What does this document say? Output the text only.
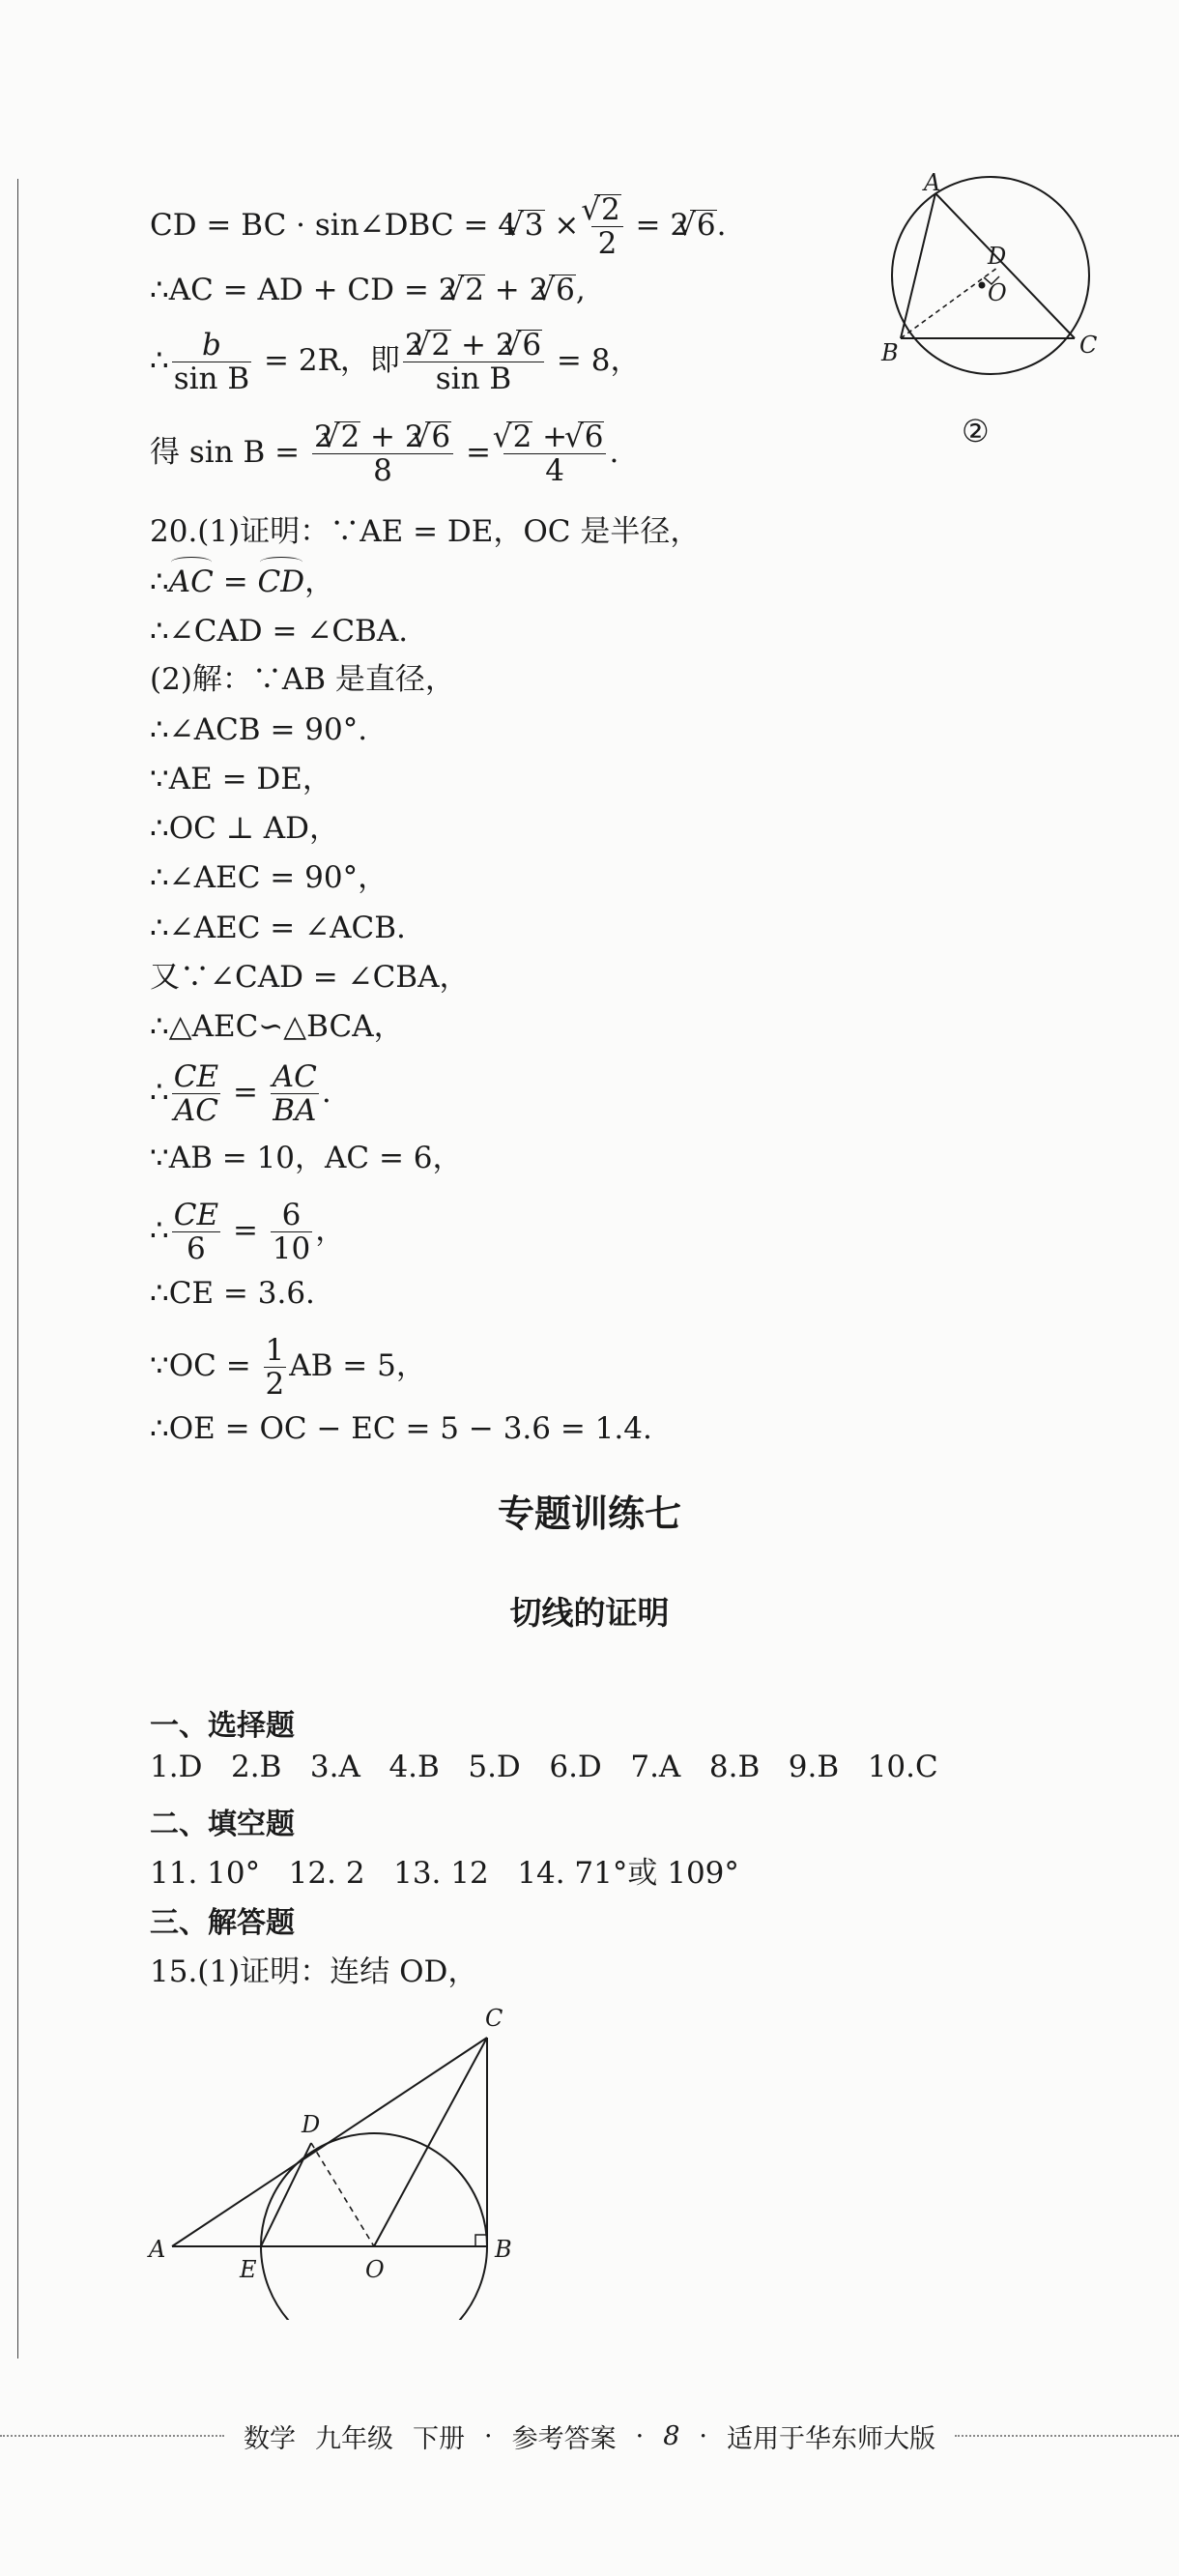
CD = BC · sin∠DBC = 4√ 3 ×
√ $\frac{2}{2} = 2√$ 6.
∴AC = AD + CD = 2√ 2 + 2√ 6,
∴ $\frac{b}{\text{sin B}} = 2R$，即 $\frac{2√ 2 + 2√ 6}{\text{sin B}} = 8$，
得 $\sin B = \frac{2√ 2 + 2√ 6}{8}$ =
√ $\frac{2 + √ 6}{4}$ .
20.(1)证明：∵AE = DE，OC 是半径，
∴AC = CD，
∴∠CAD = ∠CBA.
(2)解：∵AB 是直径，
∴∠ACB = 90°.
∵AE = DE，
∴OC ⊥ AD，
∴∠AEC = 90°，
∴∠AEC = ∠ACB.
又∵∠CAD = ∠CBA，
∴△AEC∽△BCA，
∴ $\frac{CE}{AC} = \frac{AC}{BA}$ .
∵AB = 10，AC = 6，
∴ $\frac{CE}{6} = \frac{6}{10}$ ，
∴CE = 3.6.
∵OC = $\frac{1}{2}$ AB = 5，
∴OE = OC − EC = 5 − 3.6 = 1.4.
A
B	C
D
O
②
专题训练七
切线的证明
一、选择题
1.D   2.B   3.A   4.B   5.D   6.D   7.A   8.B   9.B   10.C
二、填空题
11. 10°   12. 2   13. 12   14. 71°或 109°
三、解答题
15.(1)证明：连结 OD，
A	B
C
D
E	O
数学 九年级 下册 · 参考答案 · 8 · 适用于华东师大版
